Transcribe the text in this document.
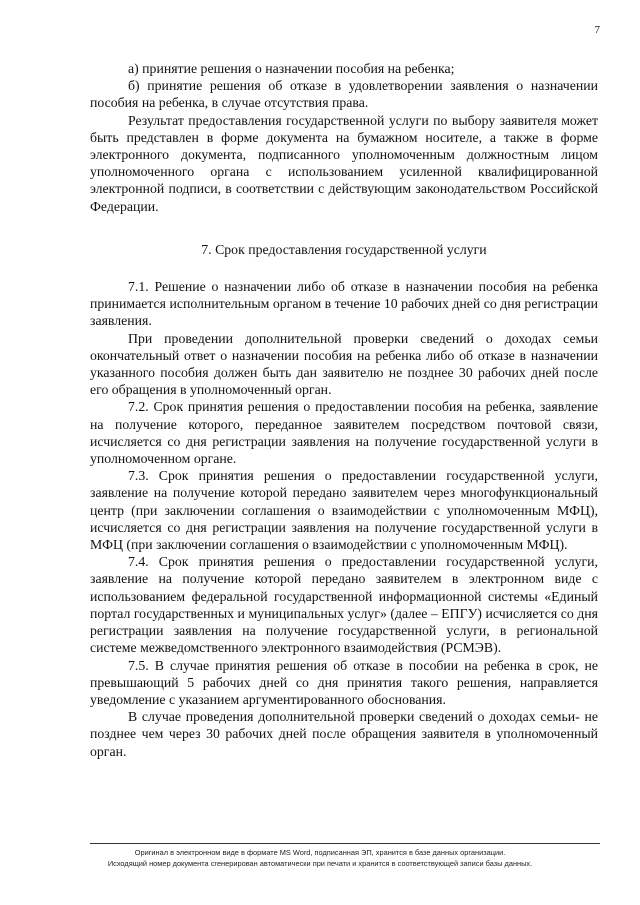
7

а) принятие решения о назначении пособия на ребенка;

б) принятие решения об отказе в удовлетворении заявления о назначении пособия на ребенка, в случае отсутствия права.

Результат предоставления государственной услуги по выбору заявителя может быть представлен в форме документа на бумажном носителе, а также в форме электронного документа, подписанного уполномоченным должностным лицом уполномоченного органа с использованием усиленной квалифицированной электронной подписи, в соответствии с действующим законодательством Российской Федерации.

7. Срок предоставления государственной услуги

7.1. Решение о назначении либо об отказе в назначении пособия на ребенка принимается исполнительным органом в течение 10 рабочих дней со дня регистрации заявления.

При проведении дополнительной проверки сведений о доходах семьи окончательный ответ о назначении пособия на ребенка либо об отказе в назначении указанного пособия должен быть дан заявителю не позднее 30 рабочих дней после его обращения в уполномоченный орган.

7.2. Срок принятия решения о предоставлении пособия на ребенка, заявление на получение которого, переданное заявителем посредством почтовой связи, исчисляется со дня регистрации заявления на получение государственной услуги в уполномоченном органе.

7.3. Срок принятия решения о предоставлении государственной услуги, заявление на получение которой передано заявителем через многофункциональный центр (при заключении соглашения о взаимодействии с уполномоченным МФЦ), исчисляется со дня регистрации заявления на получение государственной услуги в МФЦ (при заключении соглашения о взаимодействии с уполномоченным МФЦ).

7.4. Срок принятия решения о предоставлении государственной услуги, заявление на получение которой передано заявителем в электронном виде с использованием федеральной государственной информационной системы «Единый портал государственных и муниципальных услуг» (далее – ЕПГУ) исчисляется со дня регистрации заявления на получение государственной услуги, в региональной системе межведомственного электронного взаимодействия (РСМЭВ).

7.5. В случае принятия решения об отказе в пособии на ребенка в срок, не превышающий 5 рабочих дней со дня принятия такого решения, направляется уведомление с указанием аргументированного обоснования.

В случае проведения дополнительной проверки сведений о доходах семьи- не позднее чем через 30 рабочих дней после обращения заявителя в уполномоченный орган.

Оригинал в электронном виде в формате MS Word, подписанная ЭП, хранится в базе данных организации.
Исходящий номер документа сгенерирован автоматически при печати и хранится в соответствующей записи базы данных.
